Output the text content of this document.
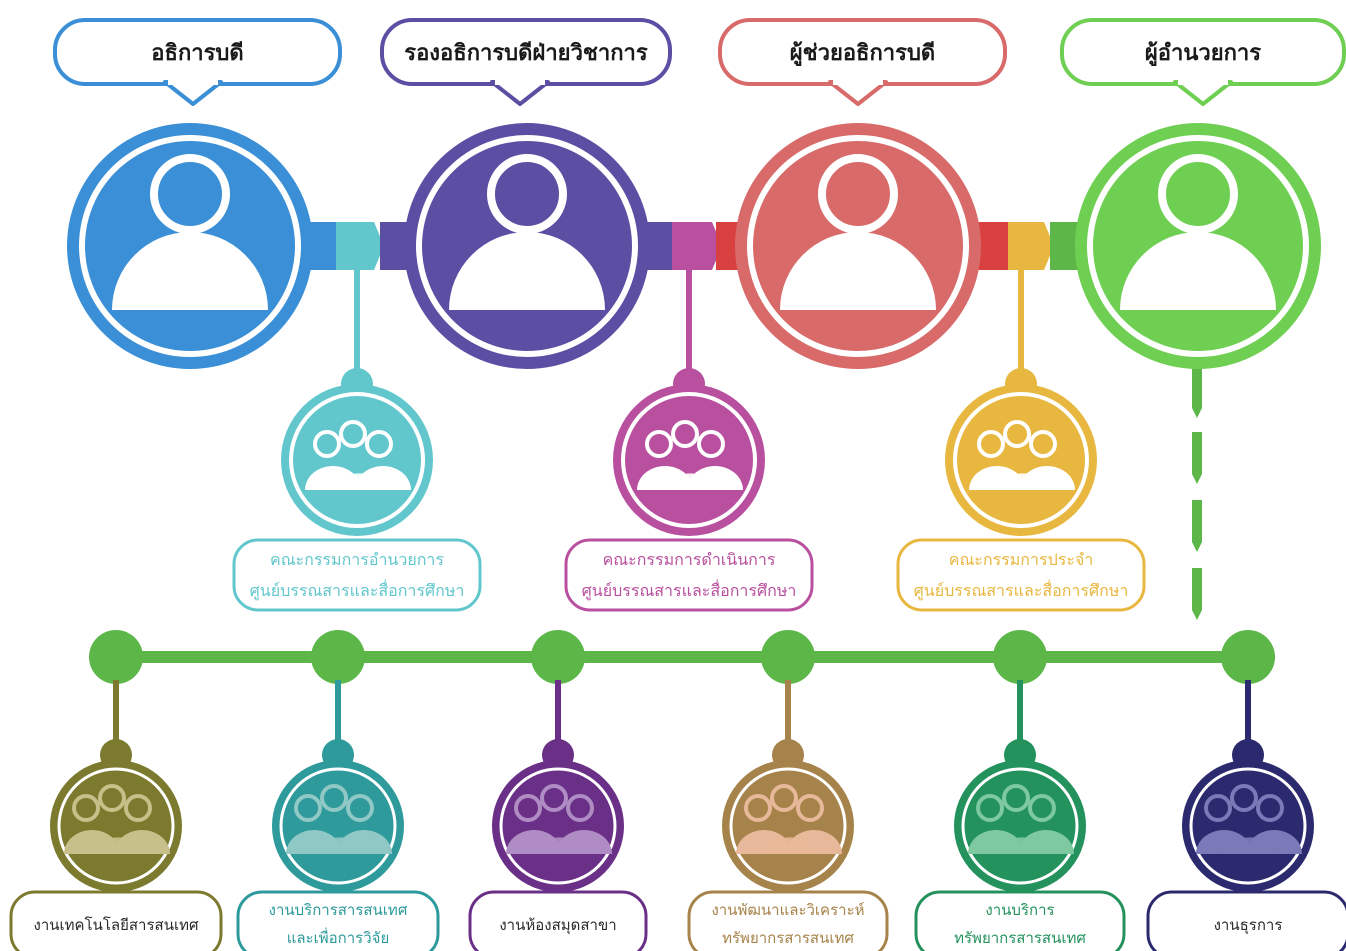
อธิการบดี	รองอธิการบดีฝ่ายวิชาการ	ผู้ช่วยอธิการบดี	ผู้อำนวยการ
คณะกรรมการอำนวยการ
ศูนย์บรรณสารและสื่อการศึกษา
คณะกรรมการดำเนินการ
ศูนย์บรรณสารและสื่อการศึกษา
คณะกรรมการประจำ
ศูนย์บรรณสารและสื่อการศึกษา
งานเทคโนโลยีสารสนเทศ
งานบริการสารสนเทศ
และเพื่อการวิจัย
งานห้องสมุดสาขา
งานพัฒนาและวิเคราะห์
ทรัพยากรสารสนเทศ
งานบริการ
ทรัพยากรสารสนเทศ
งานธุรการ
